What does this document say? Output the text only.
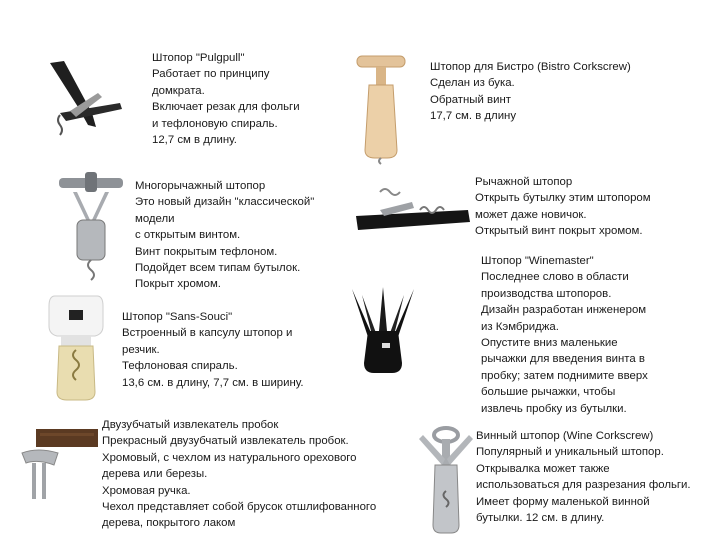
Штопор "Pulgpull"
Работает по принципу
домкрата.
Включает резак для фольги
и тефлоновую спираль.
12,7 см в длину.
Многорычажный штопор
Это новый дизайн "классической"
модели
с открытым винтом.
Винт покрытым тефлоном.
Подойдет всем типам бутылок.
Покрыт хромом.
Штопор "Sans-Souci"
Встроенный в капсулу штопор и
резчик.
Тефлоновая спираль.
13,6 см. в длину, 7,7 см. в ширину.
Двузубчатый извлекатель пробок
Прекрасный двузубчатый извлекатель пробок.
Хромовый, с чехлом из натурального орехового
дерева или березы.
Хромовая ручка.
Чехол представляет собой брусок отшлифованного
дерева, покрытого лаком
Штопор для Бистро (Bistro Corkscrew)
Сделан из бука.
Обратный винт
17,7 см. в длину
Рычажной штопор
Открыть бутылку этим штопором
может даже новичок.
Открытый винт покрыт хромом.
Штопор "Winemaster"
Последнее слово в области
производства штопоров.
Дизайн разработан инженером
из Кэмбриджа.
Опустите вниз маленькие
рычажки для введения винта в
пробку; затем поднимите вверх
большие рычажки, чтобы
извлечь пробку из бутылки.
Винный штопор (Wine Corkscrew)
Популярный и уникальный штопор.
Открывалка может также
использоваться для разрезания фольги.
Имеет форму маленькой винной
бутылки. 12 см. в длину.
